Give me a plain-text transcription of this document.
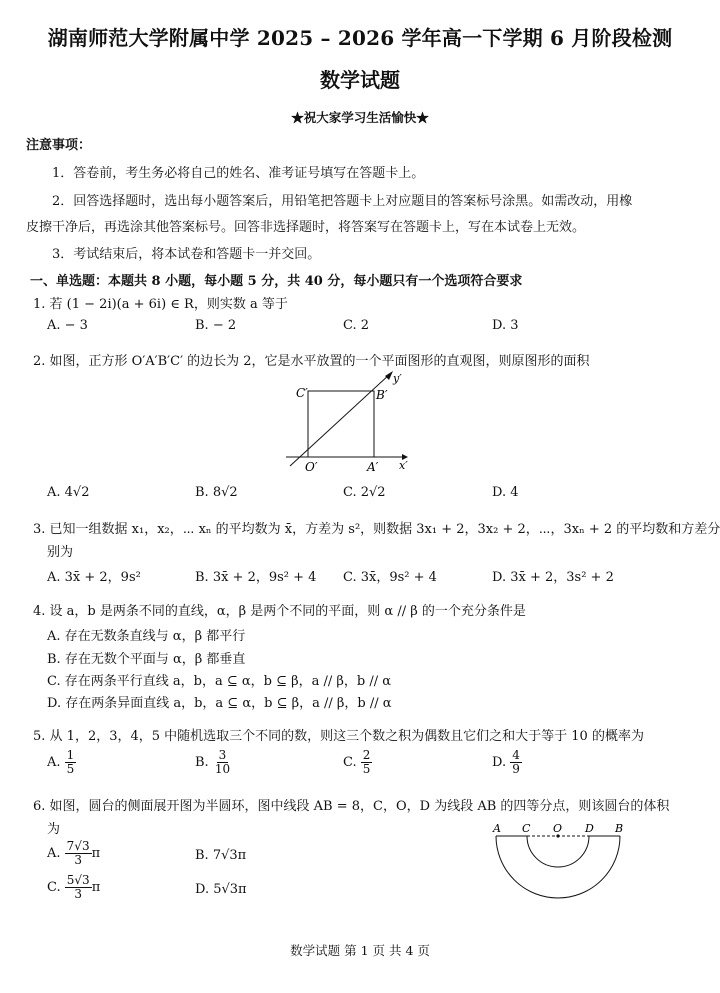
湖南师范大学附属中学 2025 – 2026 学年高一下学期 6 月阶段检测
数学试题
★祝大家学习生活愉快★
注意事项：
1．答卷前，考生务必将自己的姓名、准考证号填写在答题卡上。
2．回答选择题时，选出每小题答案后，用铅笔把答题卡上对应题目的答案标号涂黑。如需改动，用橡
皮擦干净后，再选涂其他答案标号。回答非选择题时，将答案写在答题卡上，写在本试卷上无效。
3．考试结束后，将本试卷和答题卡一并交回。
一、单选题：本题共 8 小题，每小题 5 分，共 40 分，每小题只有一个选项符合要求
1. 若 (1 − 2i)(a + 6i) ∈ R，则实数 a 等于
A. − 3	B. − 2	C. 2	D. 3
2. 如图，正方形 O′A′B′C′ 的边长为 2，它是水平放置的一个平面图形的直观图，则原图形的面积
C′	B′
O′	A′ x′
y′
A. 4√2	B. 8√2	C. 2√2	D. 4
3. 已知一组数据 x₁，x₂，⋯ xₙ 的平均数为 x̄，方差为 s²，则数据 3x₁ + 2，3x₂ + 2，⋯，3xₙ + 2 的平均数和方差分
别为
A. 3x̄ + 2，9s²	B. 3x̄ + 2，9s² + 4 C. 3x̄，9s² + 4	D. 3x̄ + 2，3s² + 2
4. 设 a，b 是两条不同的直线，α，β 是两个不同的平面，则 α // β 的一个充分条件是
A. 存在无数条直线与 α，β 都平行
B. 存在无数个平面与 α，β 都垂直
C. 存在两条平行直线 a，b，a ⊆ α，b ⊆ β，a // β，b // α
D. 存在两条异面直线 a，b，a ⊆ α，b ⊆ β，a // β，b // α
5. 从 1，2，3，4，5 中随机选取三个不同的数，则这三个数之积为偶数且它们之和大于等于 10 的概率为
A. $\frac{1}{5}$	B. $\frac{3}{10}$	C. $\frac{2}{5}$	D. $\frac{4}{9}$
6. 如图，圆台的侧面展开图为半圆环，图中线段 AB = 8，C，O，D 为线段 AB 的四等分点，则该圆台的体积
为
A. $\frac{7√3}{3}$ π	B. 7√3π
C. $\frac{5√3}{3}$ π	D. 5√3π
A C O D B
数学试题 第 1 页 共 4 页
